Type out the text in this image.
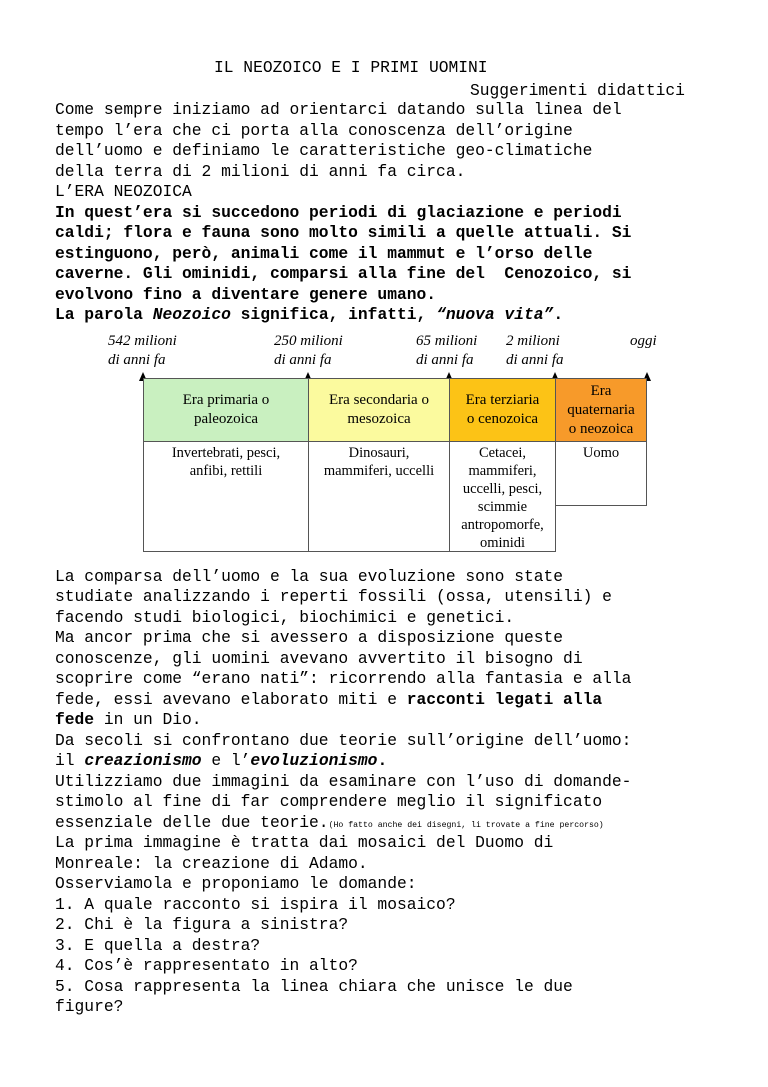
IL NEOZOICO E I PRIMI UOMINI
Suggerimenti didattici
Come sempre iniziamo ad orientarci datando sulla linea del
tempo l’era che ci porta alla conoscenza dell’origine
dell’uomo e definiamo le caratteristiche geo-climatiche
della terra di 2 milioni di anni fa circa.
L’ERA NEOZOICA
In quest’era si succedono periodi di glaciazione e periodi
caldi; flora e fauna sono molto simili a quelle attuali. Si
estinguono, però, animali come il mammut e l’orso delle
caverne. Gli ominidi, comparsi alla fine del  Cenozoico, si
evolvono fino a diventare genere umano.
La parola Neozoico significa, infatti, “nuova vita”.
542 milioni
di anni fa
250 milioni
di anni fa
65 milioni
di anni fa
2 milioni
di anni fa
oggi
Era primaria o
paleozoica
Era secondaria o
mesozoica
Era terziaria
o cenozoica
Era
quaternaria
o neozoica
Invertebrati, pesci,
anfibi, rettili
Dinosauri,
mammiferi, uccelli
Cetacei,
mammiferi,
uccelli, pesci,
scimmie
antropomorfe,
ominidi
Uomo
La comparsa dell’uomo e la sua evoluzione sono state
studiate analizzando i reperti fossili (ossa, utensili) e
facendo studi biologici, biochimici e genetici.
Ma ancor prima che si avessero a disposizione queste
conoscenze, gli uomini avevano avvertito il bisogno di
scoprire come “erano nati”: ricorrendo alla fantasia e alla
fede, essi avevano elaborato miti e racconti legati alla
fede in un Dio.
Da secoli si confrontano due teorie sull’origine dell’uomo:
il creazionismo e l’evoluzionismo.
Utilizziamo due immagini da esaminare con l’uso di domande-
stimolo al fine di far comprendere meglio il significato
essenziale delle due teorie.(Ho fatto anche dei disegni, li trovate a fine percorso)
La prima immagine è tratta dai mosaici del Duomo di
Monreale: la creazione di Adamo.
Osserviamola e proponiamo le domande:
1. A quale racconto si ispira il mosaico?
2. Chi è la figura a sinistra?
3. E quella a destra?
4. Cos’è rappresentato in alto?
5. Cosa rappresenta la linea chiara che unisce le due
figure?
